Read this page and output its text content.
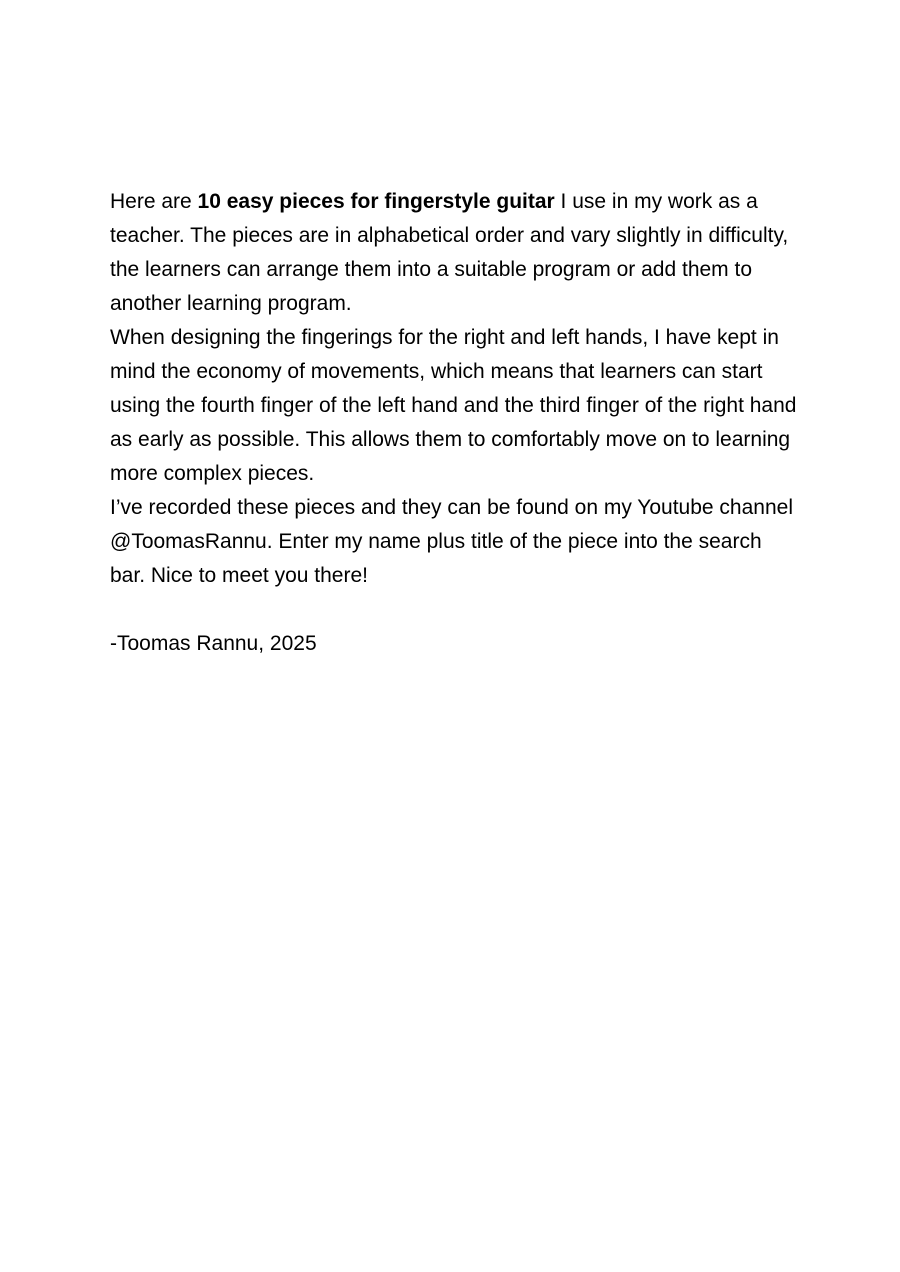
Here are 10 easy pieces for fingerstyle guitar I use in my work as a teacher. The pieces are in alphabetical order and vary slightly in difficulty, the learners can arrange them into a suitable program or add them to another learning program.

When designing the fingerings for the right and left hands, I have kept in mind the economy of movements, which means that learners can start using the fourth finger of the left hand and the third finger of the right hand as early as possible. This allows them to comfortably move on to learning more complex pieces.

I’ve recorded these pieces and they can be found on my Youtube channel @ToomasRannu. Enter my name plus title of the piece into the search bar. Nice to meet you there!

-Toomas Rannu, 2025
